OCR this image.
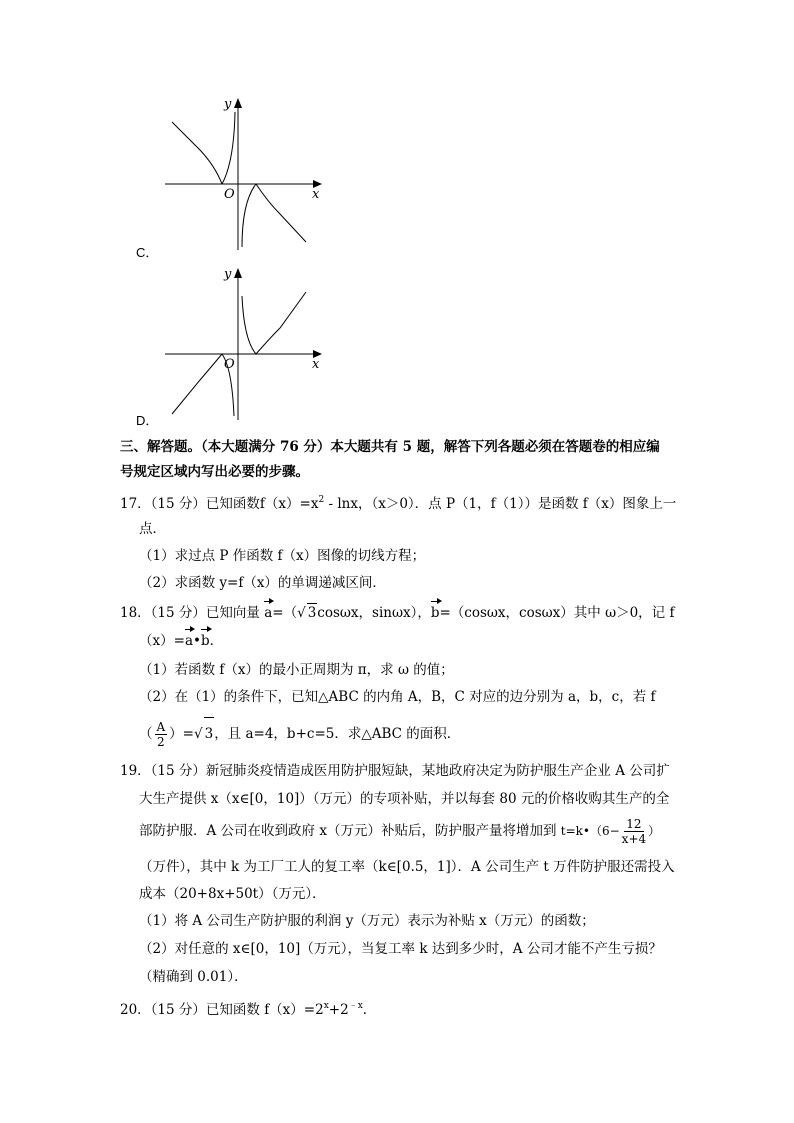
y
x
O
C．
y
x
O
D．
三、解答题。（本大题满分 76 分）本大题共有 5 题，解答下列各题必须在答题卷的相应编
号规定区域内写出必要的步骤。
17．（15 分）已知函数$f(x)=x^2 - \ln x$，（x＞0）．点 P（1，f（1））是函数 f（x）图象上一
点．
（1）求过点 P 作函数 f（x）图像的切线方程；
（2）求函数 y=f（x）的单调递减区间．
18．（15 分）已知向量 a=（√ 3cosωx，sinωx），b=（cosωx，cosωx）其中 ω＞0，记 f
（x）=a•b．
（1）若函数 f（x）的最小正周期为 π，求 ω 的值；
（2）在（1）的条件下，已知△ABC 的内角 A，B，C 对应的边分别为 a，b，c，若 f
（ $\frac{A}{2}$ ）=√ 3，且 a=4，b+c=5．求△ABC 的面积．
19．（15 分）新冠肺炎疫情造成医用防护服短缺，某地政府决定为防护服生产企业 A 公司扩
大生产提供 x（x∈[0，10]）（万元）的专项补贴，并以每套 80 元的价格收购其生产的全
部防护服．A 公司在收到政府 x（万元）补贴后，防护服产量将增加到 t=k•（6− $\frac{12}{x+4}$ ）
（万件），其中 k 为工厂工人的复工率（k∈[0.5，1]）．A 公司生产 t 万件防护服还需投入
成本（20+8x+50t）（万元）．
（1）将 A 公司生产防护服的利润 y（万元）表示为补贴 x（万元）的函数；
（2）对任意的 x∈[0，10]（万元），当复工率 k 达到多少时，A 公司才能不产生亏损？
（精确到 0.01）．
20．（15 分）已知函数 $f(x)=2^x+2^{﹣x}$．
